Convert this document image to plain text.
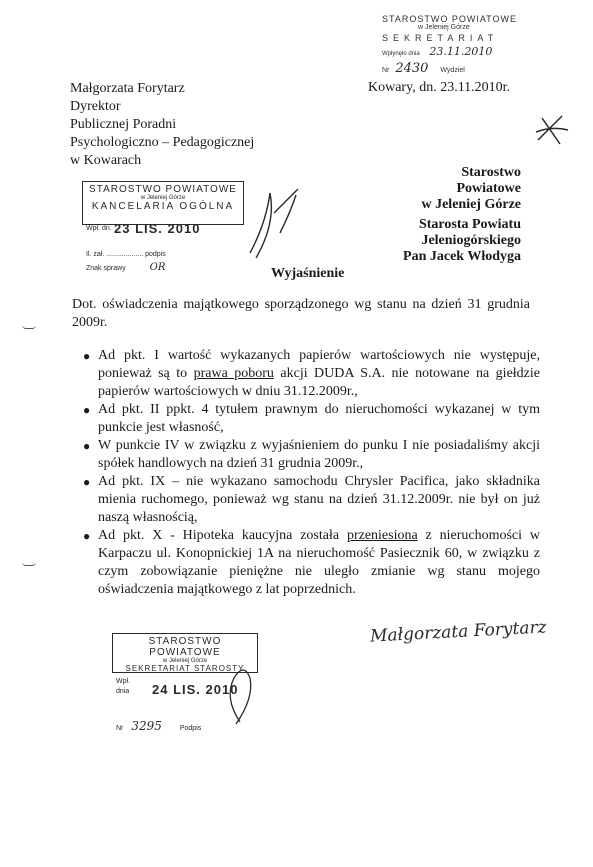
STAROSTWO POWIATOWE
w Jeleniej Górze
SEKRETARIAT
Wpłynęło dnia 23.11.2010
Nr 2430 Wydziel
Małgorzata Forytarz
Dyrektor
Publicznej Poradni
Psychologiczno – Pedagogicznej
w Kowarach
Kowary, dn. 23.11.2010r.
Starostwo Powiatowe
w Jeleniej Górze
Starosta Powiatu Jeleniogórskiego
Pan Jacek Włodyga
STAROSTWO POWIATOWE
w Jeleniej Górze
KANCELARIA OGÓLNA
Wpł. dn. 23 LIS. 2010
Il. zał. ................... podpis
Znak sprawy OR	Wyjaśnienie
Dot. oświadczenia majątkowego sporządzonego wg stanu na dzień 31 grudnia 2009r.
● Ad pkt. I wartość wykazanych papierów wartościowych nie występuje, ponieważ są to prawa poboru akcji DUDA S.A. nie notowane na giełdzie papierów wartościowych w dniu 31.12.2009r.,
● Ad pkt. II ppkt. 4 tytułem prawnym do nieruchomości wykazanej w tym punkcie jest własność,
● W punkcie IV w związku z wyjaśnieniem do punku I nie posiadaliśmy akcji spółek handlowych na dzień 31 grudnia 2009r.,
● Ad pkt. IX – nie wykazano samochodu Chrysler Pacifica, jako składnika mienia ruchomego, ponieważ wg stanu na dzień 31.12.2009r. nie był on już naszą własnością,
● Ad pkt. X - Hipoteka kaucyjna została przeniesiona z nieruchomości w Karpaczu ul. Konopnickiej 1A na nieruchomość Pasiecznik 60, w związku z czym zobowiązanie pieniężne nie uległo zmianie wg stanu mojego oświadczenia majątkowego z lat poprzednich.
Małgorzata Forytarz
STAROSTWO POWIATOWE
w Jeleniej Górze
SEKRETARIAT STAROSTY
Wpł.
dnia 24 LIS. 2010
Nr 3295	Podpis
